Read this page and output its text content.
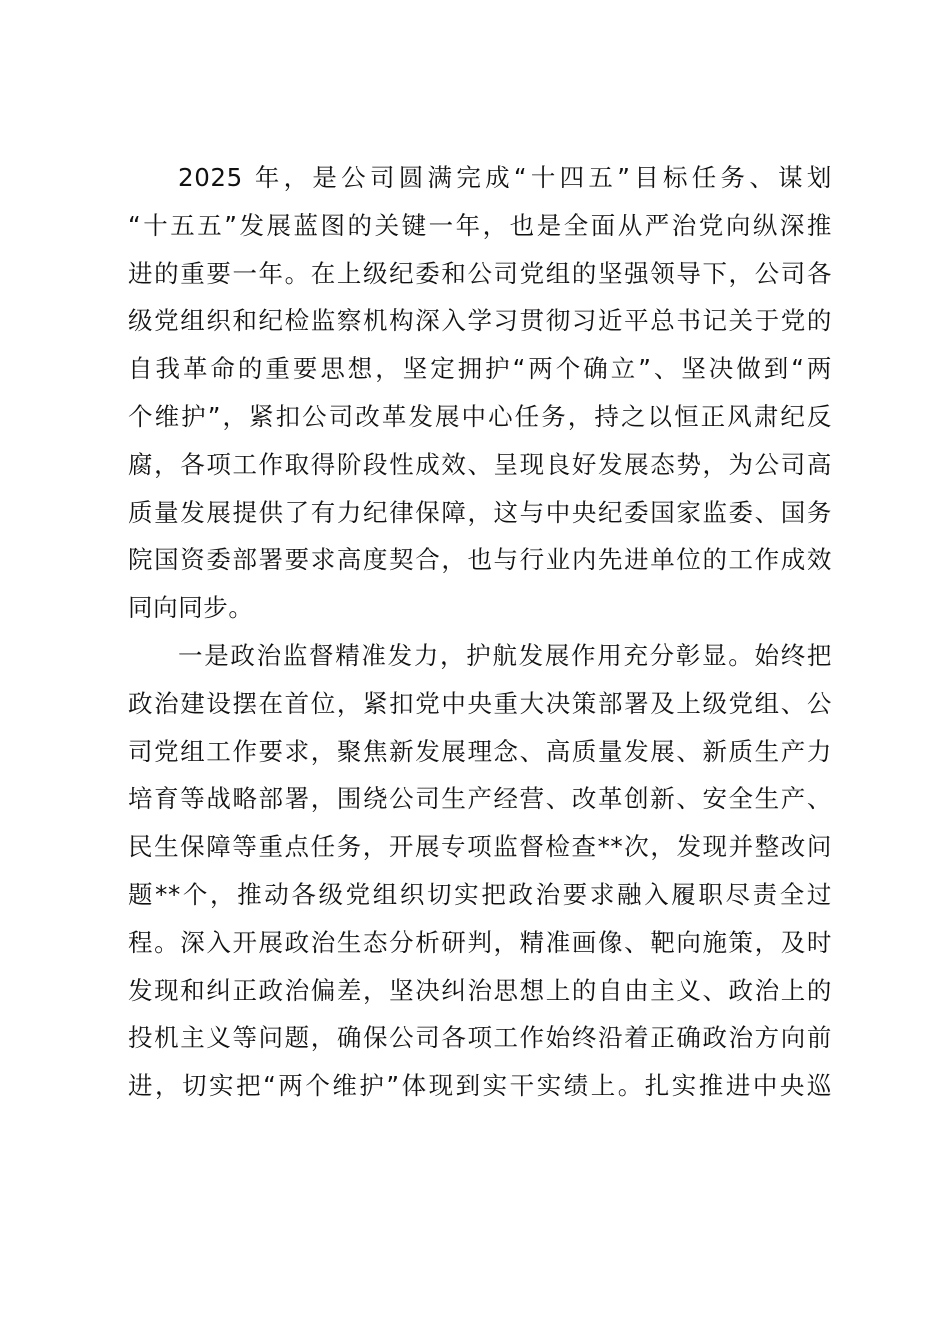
2025 年，是公司圆满完成“十四五”目标任务、谋划
“十五五”发展蓝图的关键一年，也是全面从严治党向纵深推
进的重要一年。在上级纪委和公司党组的坚强领导下，公司各
级党组织和纪检监察机构深入学习贯彻习近平总书记关于党的
自我革命的重要思想，坚定拥护“两个确立”、坚决做到“两
个维护”，紧扣公司改革发展中心任务，持之以恒正风肃纪反
腐，各项工作取得阶段性成效、呈现良好发展态势，为公司高
质量发展提供了有力纪律保障，这与中央纪委国家监委、国务
院国资委部署要求高度契合，也与行业内先进单位的工作成效
同向同步。
一是政治监督精准发力，护航发展作用充分彰显。始终把
政治建设摆在首位，紧扣党中央重大决策部署及上级党组、公
司党组工作要求，聚焦新发展理念、高质量发展、新质生产力
培育等战略部署，围绕公司生产经营、改革创新、安全生产、
民生保障等重点任务，开展专项监督检查**次，发现并整改问
题**个，推动各级党组织切实把政治要求融入履职尽责全过
程。深入开展政治生态分析研判，精准画像、靶向施策，及时
发现和纠正政治偏差，坚决纠治思想上的自由主义、政治上的
投机主义等问题，确保公司各项工作始终沿着正确政治方向前
进，切实把“两个维护”体现到实干实绩上。扎实推进中央巡
